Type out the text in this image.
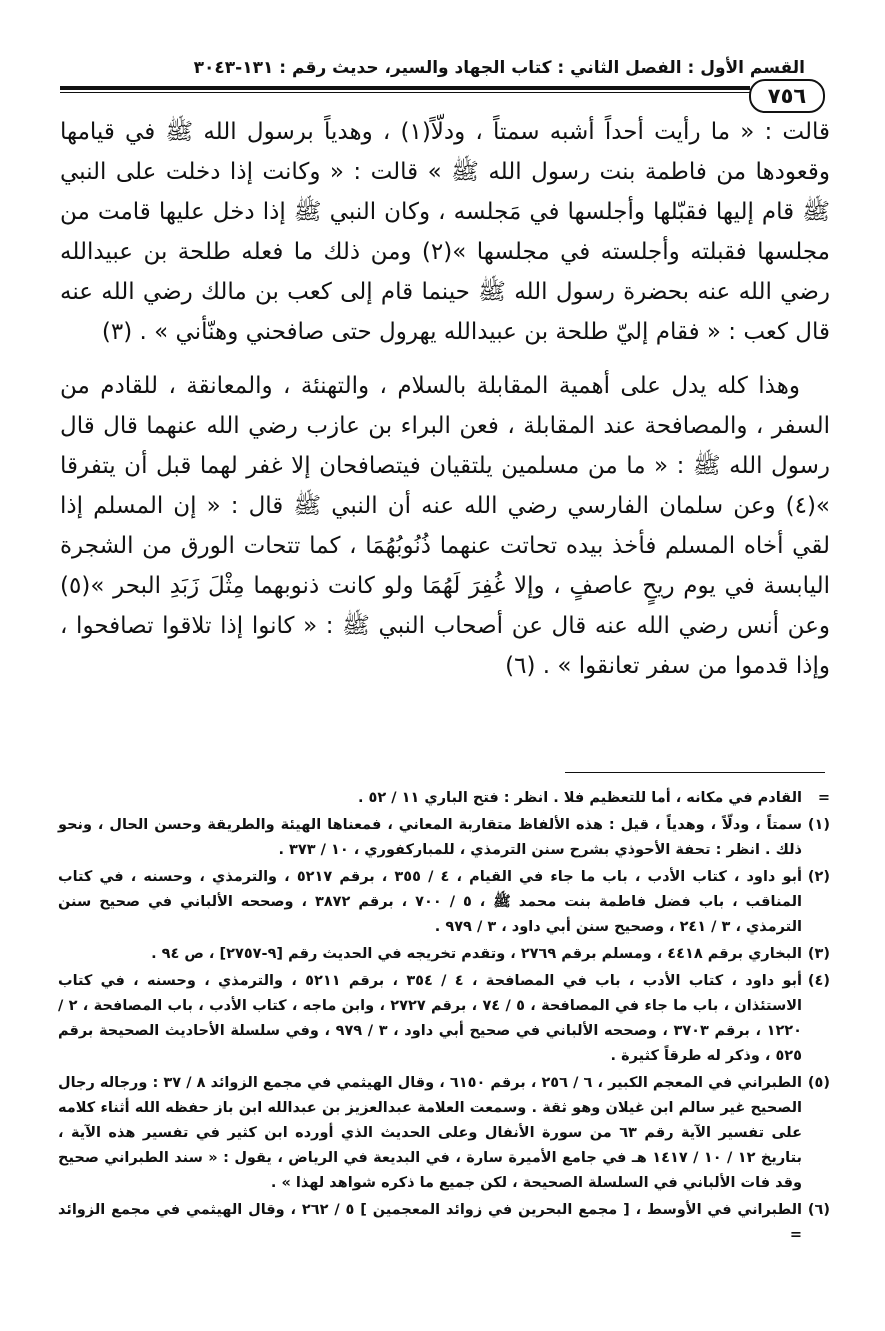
القسم الأول : الفصل الثاني : كتاب الجهاد والسير، حديث رقم : ١٣١-٣٠٤٣
٧٥٦

قالت : « ما رأيت أحداً أشبه سمتاً ، ودلّاً(١) ، وهدياً برسول الله ﷺ في قيامها وقعودها من فاطمة بنت رسول الله ﷺ » قالت : « وكانت إذا دخلت على النبي ﷺ قام إليها فقبّلها وأجلسها في مَجلسه ، وكان النبي ﷺ إذا دخل عليها قامت من مجلسها فقبلته وأجلسته في مجلسها »(٢) ومن ذلك ما فعله طلحة بن عبيدالله رضي الله عنه بحضرة رسول الله ﷺ حينما قام إلى كعب بن مالك رضي الله عنه قال كعب : « فقام إليّ طلحة بن عبيدالله يهرول حتى صافحني وهنّأني » . (٣)

وهذا كله يدل على أهمية المقابلة بالسلام ، والتهنئة ، والمعانقة ، للقادم من السفر ، والمصافحة عند المقابلة ، فعن البراء بن عازب رضي الله عنهما قال قال رسول الله ﷺ : « ما من مسلمين يلتقيان فيتصافحان إلا غفر لهما قبل أن يتفرقا »(٤) وعن سلمان الفارسي رضي الله عنه أن النبي ﷺ قال : « إن المسلم إذا لقي أخاه المسلم فأخذ بيده تحاتت عنهما ذُنُوبُهُمَا ، كما تتحات الورق من الشجرة اليابسة في يوم ريحٍ عاصفٍ ، وإلا غُفِرَ لَهُمَا ولو كانت ذنوبهما مِثْلَ زَبَدِ البحر »(٥) وعن أنس رضي الله عنه قال عن أصحاب النبي ﷺ : « كانوا إذا تلاقوا تصافحوا ، وإذا قدموا من سفر تعانقوا » . (٦)

=
القادم في مكانه ، أما للتعظيم فلا . انظر : فتح الباري ١١ / ٥٢ .
(١)
سمتاً ، ودلّاً ، وهدياً ، قيل : هذه الألفاظ متقاربة المعاني ، فمعناها الهيئة والطريقة وحسن الحال ، ونحو ذلك . انظر : تحفة الأحوذي بشرح سنن الترمذي ، للمباركفوري ، ١٠ / ٣٧٣ .
(٢)
أبو داود ، كتاب الأدب ، باب ما جاء في القيام ، ٤ / ٣٥٥ ، برقم ٥٢١٧ ، والترمذي ، وحسنه ، في كتاب المناقب ، باب فضل فاطمة بنت محمد ﷺ ، ٥ / ٧٠٠ ، برقم ٣٨٧٢ ، وصححه الألباني في صحيح سنن الترمذي ، ٣ / ٢٤١ ، وصحيح سنن أبي داود ، ٣ / ٩٧٩ .
(٣)
البخاري برقم ٤٤١٨ ، ومسلم برقم ٢٧٦٩ ، وتقدم تخريجه في الحديث رقم [٩-٢٧٥٧] ، ص ٩٤ .
(٤)
أبو داود ، كتاب الأدب ، باب في المصافحة ، ٤ / ٣٥٤ ، برقم ٥٢١١ ، والترمذي ، وحسنه ، في كتاب الاستئذان ، باب ما جاء في المصافحة ، ٥ / ٧٤ ، برقم ٢٧٢٧ ، وابن ماجه ، كتاب الأدب ، باب المصافحة ، ٢ / ١٢٢٠ ، برقم ٣٧٠٣ ، وصححه الألباني في صحيح أبي داود ، ٣ / ٩٧٩ ، وفي سلسلة الأحاديث الصحيحة برقم ٥٢٥ ، وذكر له طرقاً كثيرة .
(٥)
الطبراني في المعجم الكبير ، ٦ / ٢٥٦ ، برقم ٦١٥٠ ، وقال الهيثمي في مجمع الزوائد ٨ / ٣٧ : ورجاله رجال الصحيح غير سالم ابن غيلان وهو ثقة . وسمعت العلامة عبدالعزيز بن عبدالله ابن باز حفظه الله أثناء كلامه على تفسير الآية رقم ٦٣ من سورة الأنفال وعلى الحديث الذي أورده ابن كثير في تفسير هذه الآية ، بتاريخ ١٢ / ١٠ / ١٤١٧ هـ في جامع الأميرة سارة ، في البديعة في الرياض ، يقول : « سند الطبراني صحيح وقد فات الألباني في السلسلة الصحيحة ، لكن جميع ما ذكره شواهد لهذا » .
(٦)
الطبراني في الأوسط ، [ مجمع البحرين في زوائد المعجمين ] ٥ / ٢٦٢ ، وقال الهيثمي في مجمع الزوائد =
